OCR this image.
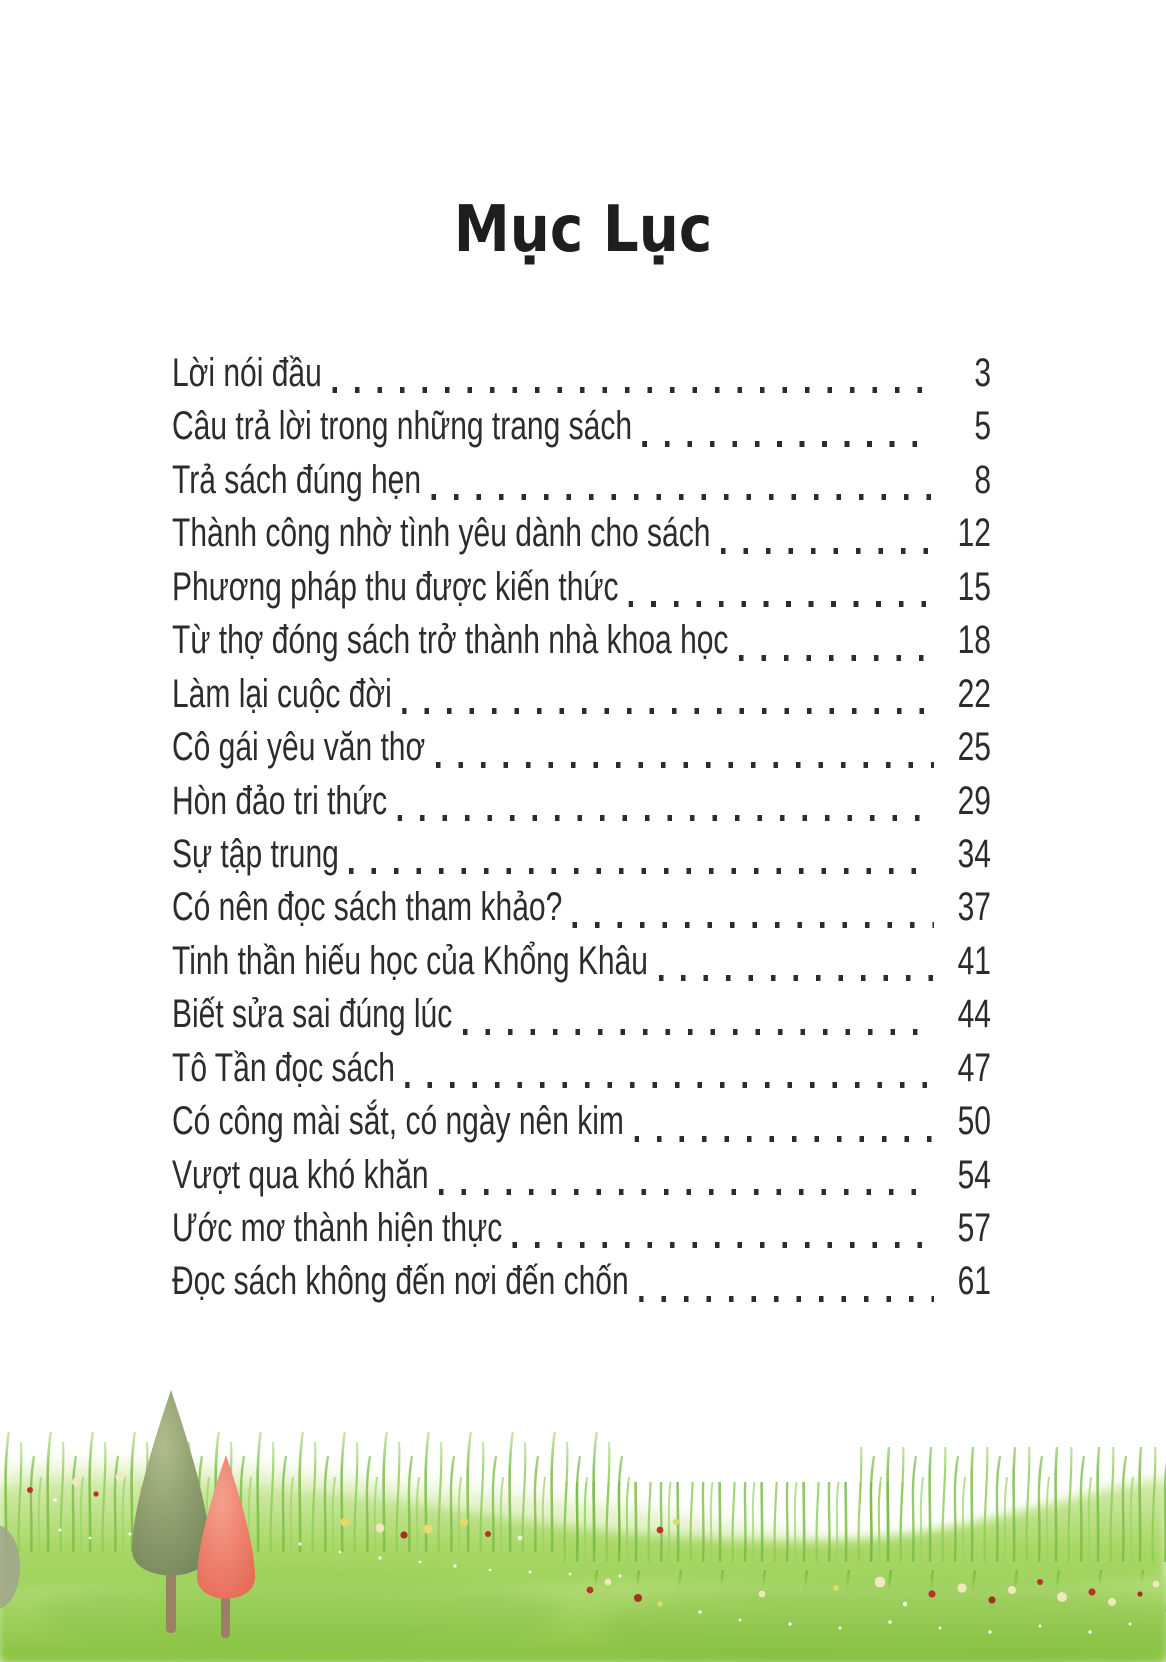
Mục Lục
Lời nói đầu	3
Câu trả lời trong những trang sách	5
Trả sách đúng hẹn	8
Thành công nhờ tình yêu dành cho sách	12
Phương pháp thu được kiến thức	15
Từ thợ đóng sách trở thành nhà khoa học	18
Làm lại cuộc đời	22
Cô gái yêu văn thơ	25
Hòn đảo tri thức	29
Sự tập trung	34
Có nên đọc sách tham khảo?	37
Tinh thần hiếu học của Khổng Khâu	41
Biết sửa sai đúng lúc	44
Tô Tần đọc sách	47
Có công mài sắt, có ngày nên kim	50
Vượt qua khó khăn	54
Ước mơ thành hiện thực	57
Đọc sách không đến nơi đến chốn	61
